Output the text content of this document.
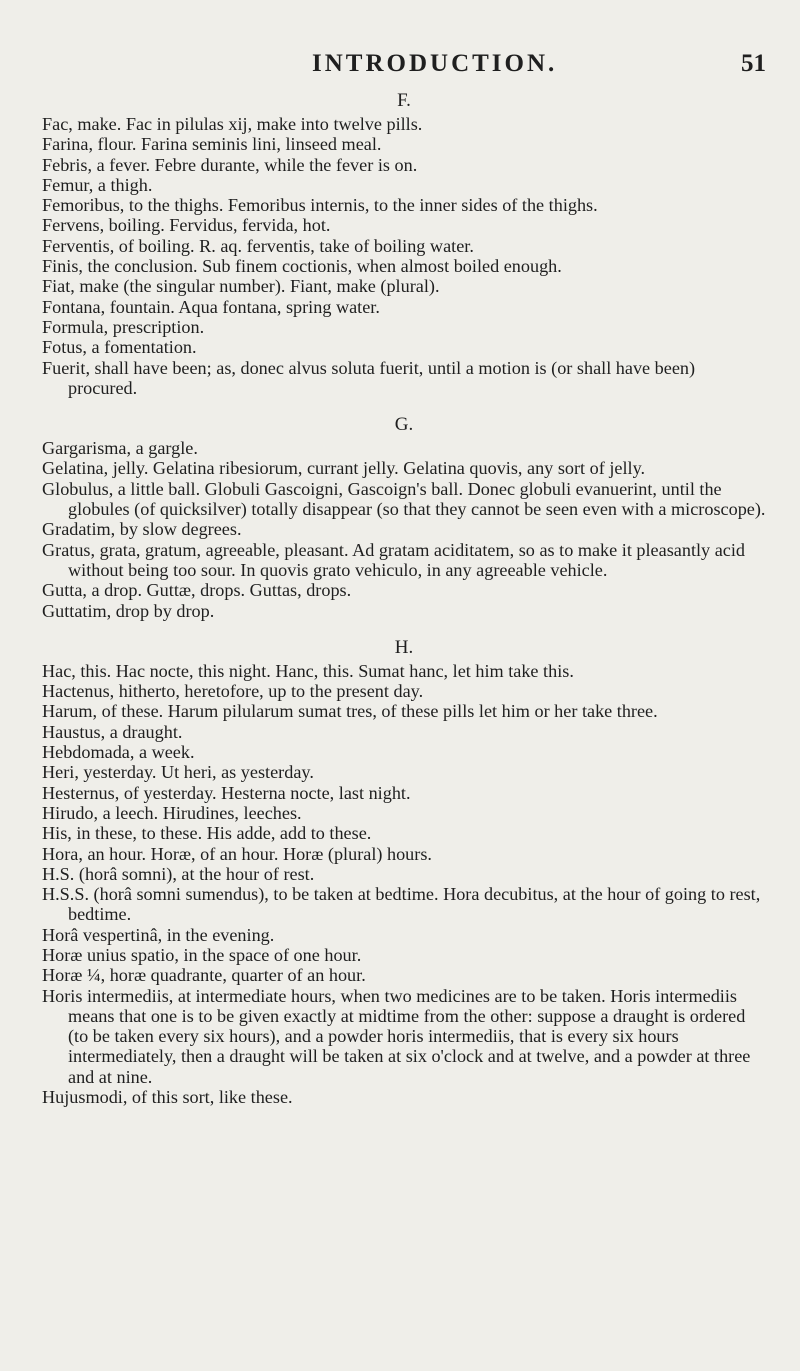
INTRODUCTION.	51
F.

Fac, make. Fac in pilulas xij, make into twelve pills.

Farina, flour. Farina seminis lini, linseed meal.

Febris, a fever. Febre durante, while the fever is on.

Femur, a thigh.

Femoribus, to the thighs. Femoribus internis, to the inner sides of the thighs.

Fervens, boiling. Fervidus, fervida, hot.

Ferventis, of boiling. R. aq. ferventis, take of boiling water.

Finis, the conclusion. Sub finem coctionis, when almost boiled enough.

Fiat, make (the singular number). Fiant, make (plural).

Fontana, fountain. Aqua fontana, spring water.

Formula, prescription.

Fotus, a fomentation.

Fuerit, shall have been; as, donec alvus soluta fuerit, until a motion is (or shall have been) procured.

G.

Gargarisma, a gargle.

Gelatina, jelly. Gelatina ribesiorum, currant jelly. Gelatina quovis, any sort of jelly.

Globulus, a little ball. Globuli Gascoigni, Gascoign's ball. Donec globuli evanuerint, until the globules (of quicksilver) totally disappear (so that they cannot be seen even with a microscope).

Gradatim, by slow degrees.

Gratus, grata, gratum, agreeable, pleasant. Ad gratam aciditatem, so as to make it pleasantly acid without being too sour. In quovis grato vehiculo, in any agreeable vehicle.

Gutta, a drop. Guttæ, drops. Guttas, drops.

Guttatim, drop by drop.

H.

Hac, this. Hac nocte, this night. Hanc, this. Sumat hanc, let him take this.

Hactenus, hitherto, heretofore, up to the present day.

Harum, of these. Harum pilularum sumat tres, of these pills let him or her take three.

Haustus, a draught.

Hebdomada, a week.

Heri, yesterday. Ut heri, as yesterday.

Hesternus, of yesterday. Hesterna nocte, last night.

Hirudo, a leech. Hirudines, leeches.

His, in these, to these. His adde, add to these.

Hora, an hour. Horæ, of an hour. Horæ (plural) hours.

H.S. (horâ somni), at the hour of rest.

H.S.S. (horâ somni sumendus), to be taken at bedtime. Hora decubitus, at the hour of going to rest, bedtime.

Horâ vespertinâ, in the evening.

Horæ unius spatio, in the space of one hour.

Horæ ¼, horæ quadrante, quarter of an hour.

Horis intermediis, at intermediate hours, when two medicines are to be taken. Horis intermediis means that one is to be given exactly at midtime from the other: suppose a draught is ordered (to be taken every six hours), and a powder horis intermediis, that is every six hours intermediately, then a draught will be taken at six o'clock and at twelve, and a powder at three and at nine.

Hujusmodi, of this sort, like these.
